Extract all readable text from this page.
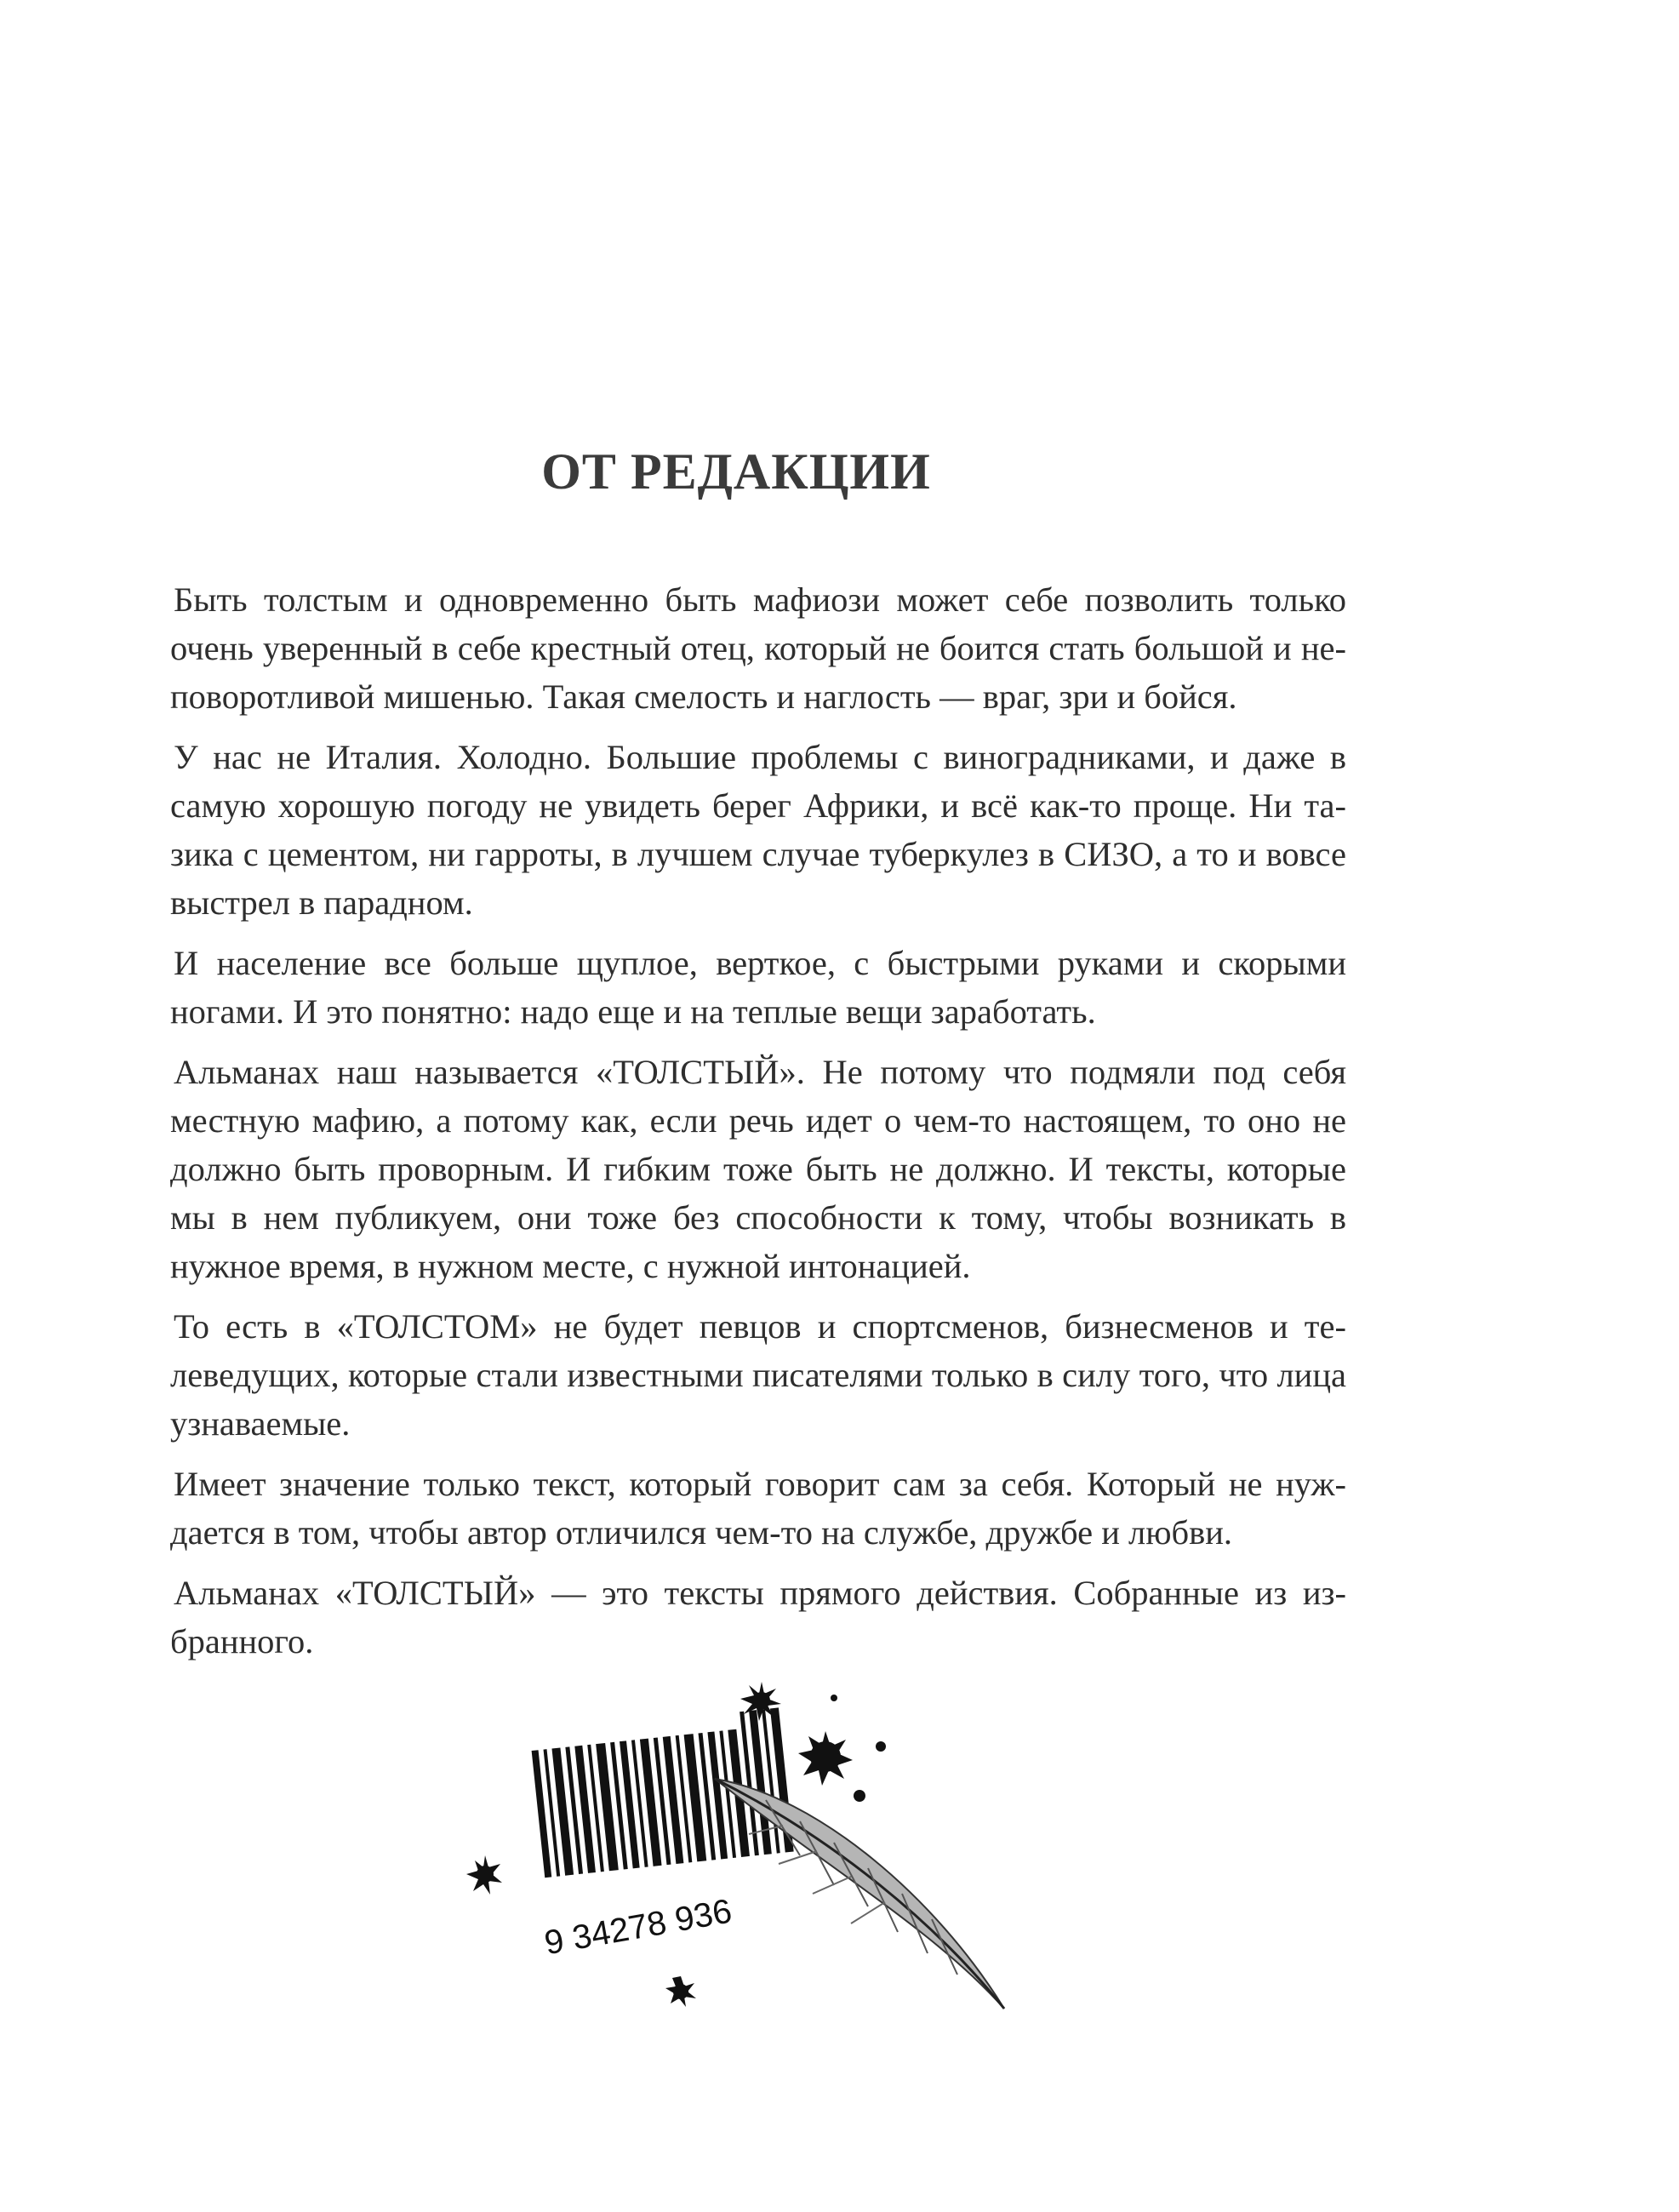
ОТ РЕДАКЦИИ

Быть толстым и одновременно быть мафиози может себе позволить только очень уверенный в себе крестный отец, который не боится стать большой и неповоротливой мишенью. Такая смелость и наглость — враг, зри и бойся.

У нас не Италия. Холодно. Большие проблемы с виноградниками, и даже в самую хорошую погоду не увидеть берег Африки, и всё как-то проще. Ни тазика с цементом, ни гарроты, в лучшем случае туберкулез в СИЗО, а то и вовсе выстрел в парадном.

И население все больше щуплое, верткое, с быстрыми руками и скорыми ногами. И это понятно: надо еще и на теплые вещи заработать.

Альманах наш называется «ТОЛСТЫЙ». Не потому что подмяли под себя местную мафию, а потому как, если речь идет о чем-то настоящем, то оно не должно быть проворным. И гибким тоже быть не должно. И тексты, которые мы в нем публикуем, они тоже без способности к тому, чтобы возникать в нужное время, в нужном месте, с нужной интонацией.

То есть в «ТОЛСТОМ» не будет певцов и спортсменов, бизнесменов и телеведущих, которые стали известными писателями только в силу того, что лица узнаваемые.

Имеет значение только текст, который говорит сам за себя. Который не нуждается в том, чтобы автор отличился чем-то на службе, дружбе и любви.

Альманах «ТОЛСТЫЙ» — это тексты прямого действия. Собранные из избранного.

9 34278 936
